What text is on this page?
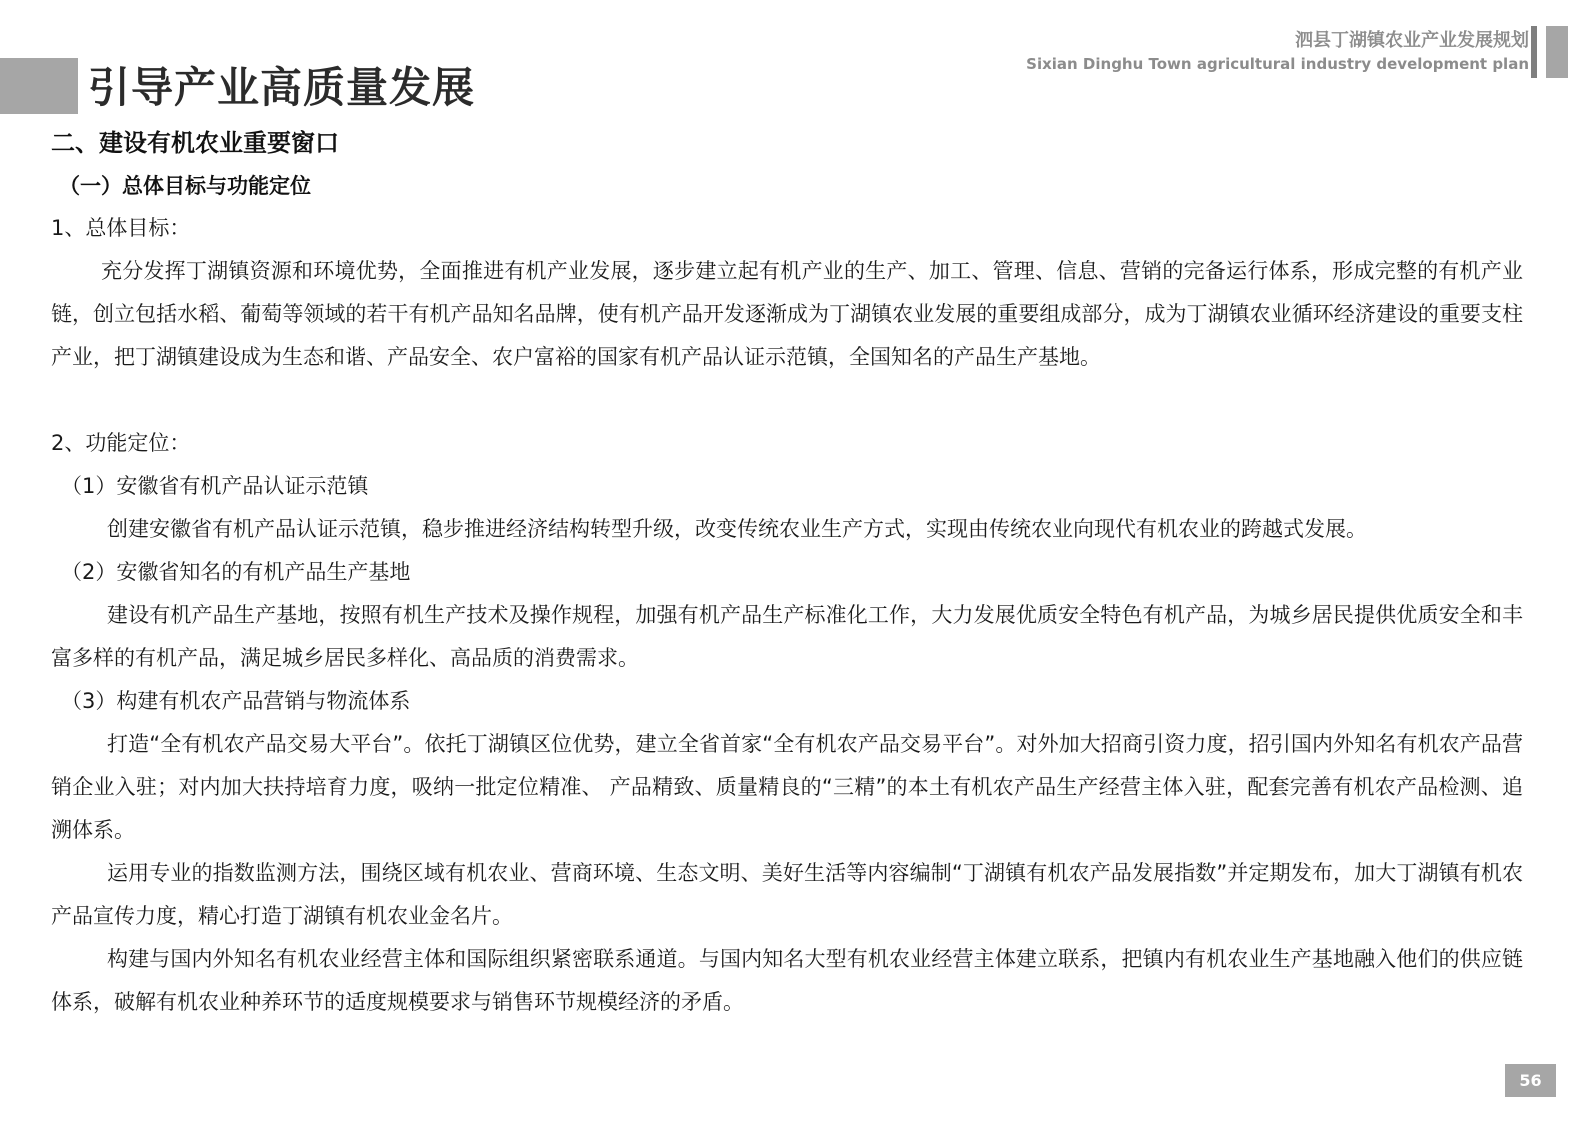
引导产业高质量发展
泗县丁湖镇农业产业发展规划
Sixian Dinghu Town agricultural industry development plan

二、建设有机农业重要窗口

（一）总体目标与功能定位

1、总体目标：

充分发挥丁湖镇资源和环境优势，全面推进有机产业发展，逐步建立起有机产业的生产、加工、管理、信息、营销的完备运行体系，形成完整的有机产业链，创立包括水稻、葡萄等领域的若干有机产品知名品牌，使有机产品开发逐渐成为丁湖镇农业发展的重要组成部分，成为丁湖镇农业循环经济建设的重要支柱产业，把丁湖镇建设成为生态和谐、产品安全、农户富裕的国家有机产品认证示范镇，全国知名的产品生产基地。

2、功能定位：

（1）安徽省有机产品认证示范镇

创建安徽省有机产品认证示范镇，稳步推进经济结构转型升级，改变传统农业生产方式，实现由传统农业向现代有机农业的跨越式发展。

（2）安徽省知名的有机产品生产基地

建设有机产品生产基地，按照有机生产技术及操作规程，加强有机产品生产标准化工作，大力发展优质安全特色有机产品，为城乡居民提供优质安全和丰富多样的有机产品，满足城乡居民多样化、高品质的消费需求。

（3）构建有机农产品营销与物流体系

打造“全有机农产品交易大平台”。依托丁湖镇区位优势，建立全省首家“全有机农产品交易平台”。对外加大招商引资力度，招引国内外知名有机农产品营销企业入驻；对内加大扶持培育力度，吸纳一批定位精准、 产品精致、质量精良的“三精”的本土有机农产品生产经营主体入驻，配套完善有机农产品检测、追溯体系。

运用专业的指数监测方法，围绕区域有机农业、营商环境、生态文明、美好生活等内容编制“丁湖镇有机农产品发展指数”并定期发布，加大丁湖镇有机农产品宣传力度，精心打造丁湖镇有机农业金名片。

构建与国内外知名有机农业经营主体和国际组织紧密联系通道。与国内知名大型有机农业经营主体建立联系，把镇内有机农业生产基地融入他们的供应链体系，破解有机农业种养环节的适度规模要求与销售环节规模经济的矛盾。

56
